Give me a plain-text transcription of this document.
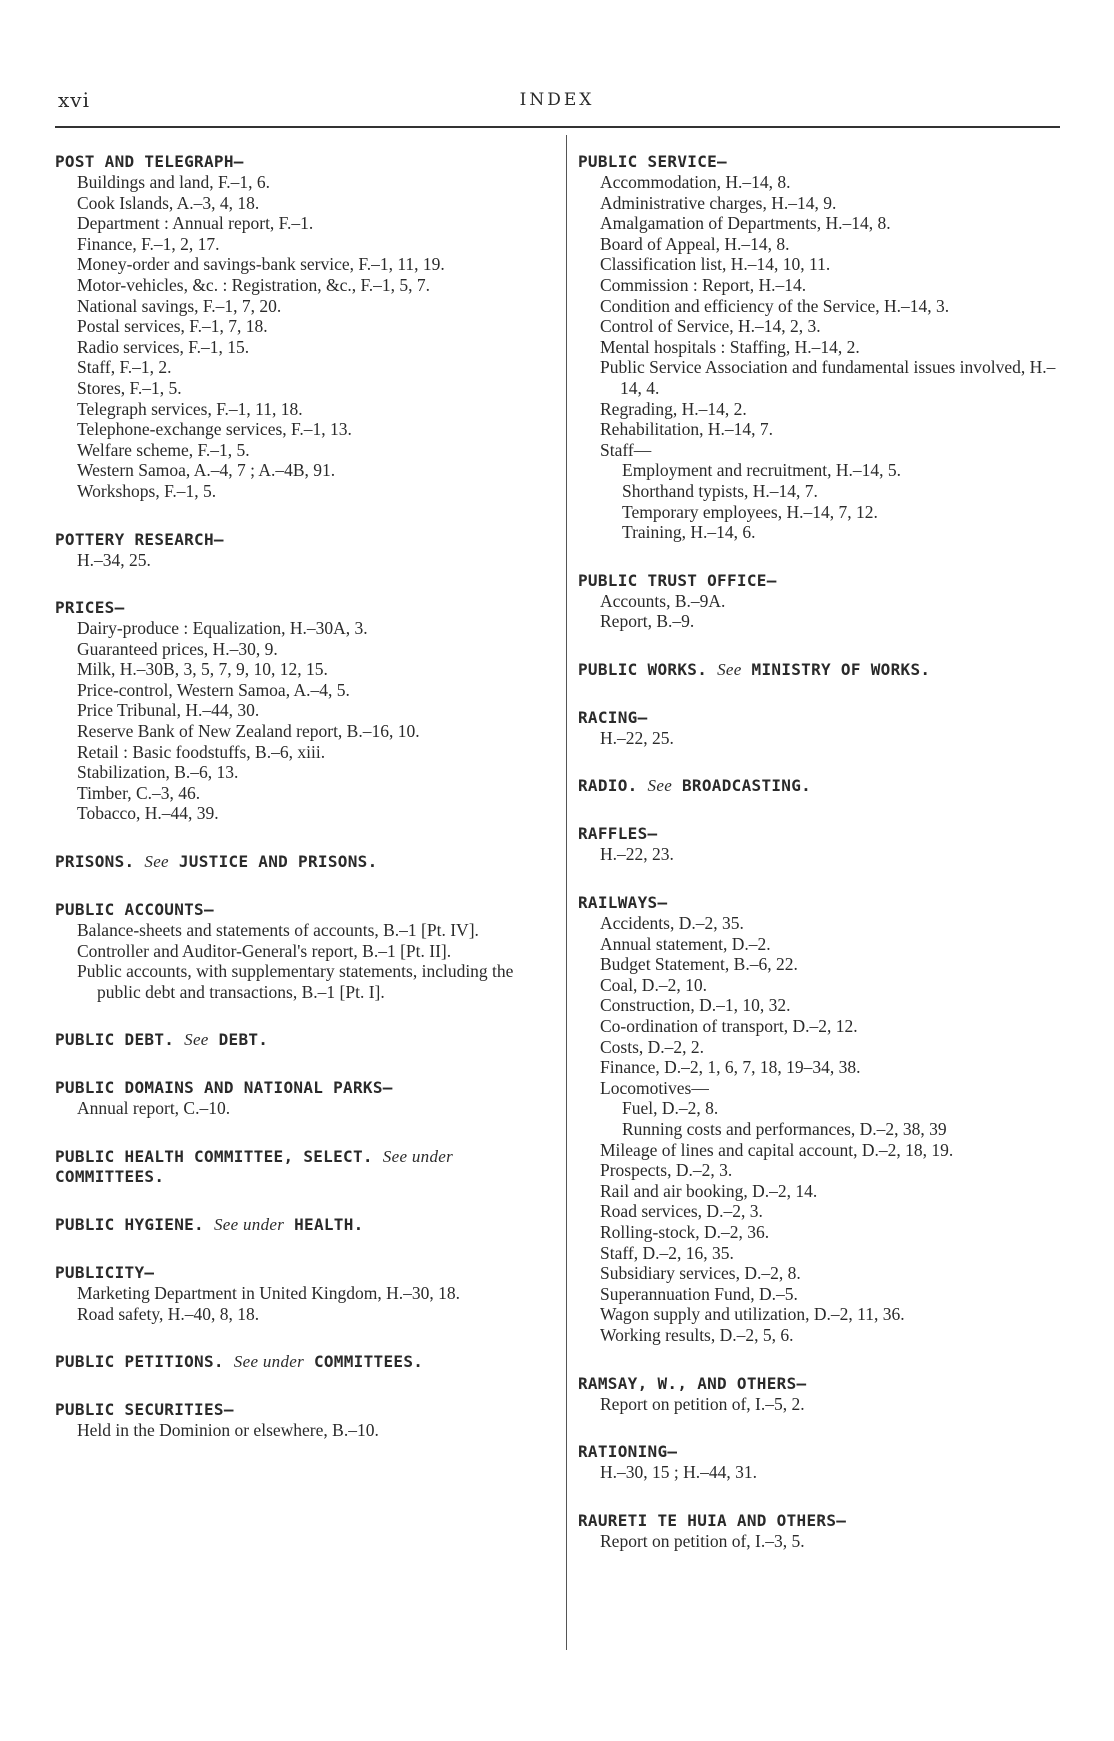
xvi	INDEX
POST AND TELEGRAPH—
Buildings and land, F.–1, 6.
Cook Islands, A.–3, 4, 18.
Department : Annual report, F.–1.
Finance, F.–1, 2, 17.
Money-order and savings-bank service, F.–1, 11, 19.
Motor-vehicles, &c. : Registration, &c., F.–1, 5, 7.
National savings, F.–1, 7, 20.
Postal services, F.–1, 7, 18.
Radio services, F.–1, 15.
Staff, F.–1, 2.
Stores, F.–1, 5.
Telegraph services, F.–1, 11, 18.
Telephone-exchange services, F.–1, 13.
Welfare scheme, F.–1, 5.
Western Samoa, A.–4, 7 ; A.–4B, 91.
Workshops, F.–1, 5.
POTTERY RESEARCH—
H.–34, 25.
PRICES—
Dairy-produce : Equalization, H.–30A, 3.
Guaranteed prices, H.–30, 9.
Milk, H.–30B, 3, 5, 7, 9, 10, 12, 15.
Price-control, Western Samoa, A.–4, 5.
Price Tribunal, H.–44, 30.
Reserve Bank of New Zealand report, B.–16, 10.
Retail : Basic foodstuffs, B.–6, xiii.
Stabilization, B.–6, 13.
Timber, C.–3, 46.
Tobacco, H.–44, 39.
PRISONS. See JUSTICE AND PRISONS.
PUBLIC ACCOUNTS—
Balance-sheets and statements of accounts, B.–1 [Pt. IV].
Controller and Auditor-General's report, B.–1 [Pt. II].
Public accounts, with supplementary statements, including the public debt and transactions, B.–1 [Pt. I].
PUBLIC DEBT. See DEBT.
PUBLIC DOMAINS AND NATIONAL PARKS—
Annual report, C.–10.
PUBLIC HEALTH COMMITTEE, SELECT. See under COMMITTEES.
PUBLIC HYGIENE. See under HEALTH.
PUBLICITY—
Marketing Department in United Kingdom, H.–30, 18.
Road safety, H.–40, 8, 18.
PUBLIC PETITIONS. See under COMMITTEES.
PUBLIC SECURITIES—
Held in the Dominion or elsewhere, B.–10.
PUBLIC SERVICE—
Accommodation, H.–14, 8.
Administrative charges, H.–14, 9.
Amalgamation of Departments, H.–14, 8.
Board of Appeal, H.–14, 8.
Classification list, H.–14, 10, 11.
Commission : Report, H.–14.
Condition and efficiency of the Service, H.–14, 3.
Control of Service, H.–14, 2, 3.
Mental hospitals : Staffing, H.–14, 2.
Public Service Association and fundamental issues involved, H.–14, 4.
Regrading, H.–14, 2.
Rehabilitation, H.–14, 7.
Staff—
Employment and recruitment, H.–14, 5.
Shorthand typists, H.–14, 7.
Temporary employees, H.–14, 7, 12.
Training, H.–14, 6.
PUBLIC TRUST OFFICE—
Accounts, B.–9A.
Report, B.–9.
PUBLIC WORKS. See MINISTRY OF WORKS.
RACING—
H.–22, 25.
RADIO. See BROADCASTING.
RAFFLES—
H.–22, 23.
RAILWAYS—
Accidents, D.–2, 35.
Annual statement, D.–2.
Budget Statement, B.–6, 22.
Coal, D.–2, 10.
Construction, D.–1, 10, 32.
Co-ordination of transport, D.–2, 12.
Costs, D.–2, 2.
Finance, D.–2, 1, 6, 7, 18, 19–34, 38.
Locomotives—
Fuel, D.–2, 8.
Running costs and performances, D.–2, 38, 39
Mileage of lines and capital account, D.–2, 18, 19.
Prospects, D.–2, 3.
Rail and air booking, D.–2, 14.
Road services, D.–2, 3.
Rolling-stock, D.–2, 36.
Staff, D.–2, 16, 35.
Subsidiary services, D.–2, 8.
Superannuation Fund, D.–5.
Wagon supply and utilization, D.–2, 11, 36.
Working results, D.–2, 5, 6.
RAMSAY, W., AND OTHERS—
Report on petition of, I.–5, 2.
RATIONING—
H.–30, 15 ; H.–44, 31.
RAURETI TE HUIA AND OTHERS—
Report on petition of, I.–3, 5.
